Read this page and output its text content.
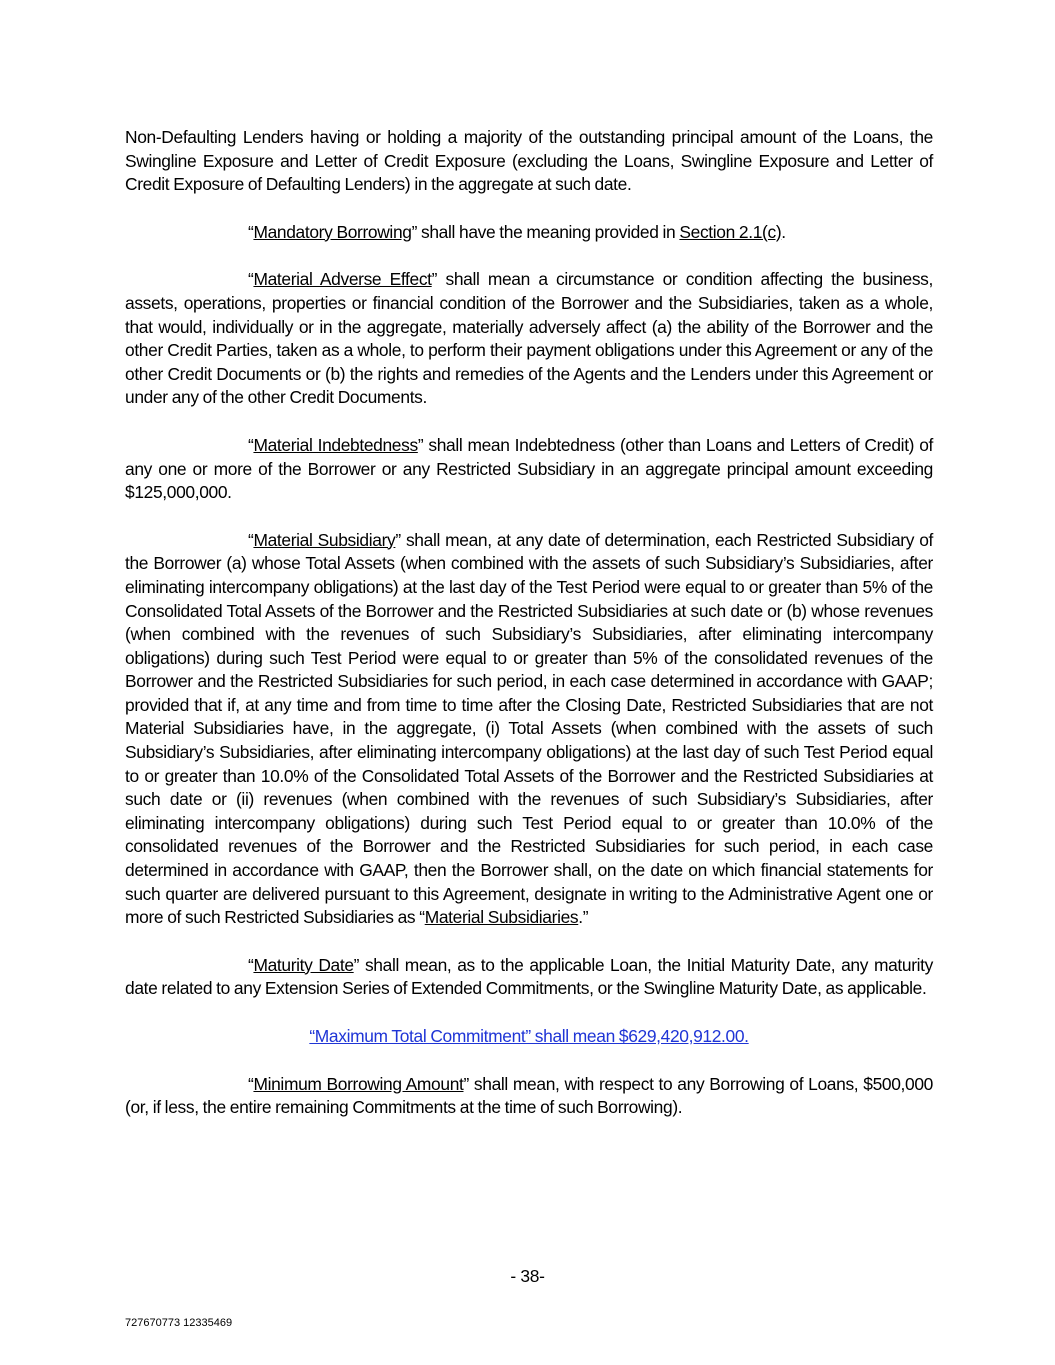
Non-Defaulting Lenders having or holding a majority of the outstanding principal amount of the Loans, the Swingline Exposure and Letter of Credit Exposure (excluding the Loans, Swingline Exposure and Letter of Credit Exposure of Defaulting Lenders) in the aggregate at such date.

“Mandatory Borrowing” shall have the meaning provided in Section 2.1(c).

“Material Adverse Effect” shall mean a circumstance or condition affecting the business, assets, operations, properties or financial condition of the Borrower and the Subsidiaries, taken as a whole, that would, individually or in the aggregate, materially adversely affect (a) the ability of the Borrower and the other Credit Parties, taken as a whole, to perform their payment obligations under this Agreement or any of the other Credit Documents or (b) the rights and remedies of the Agents and the Lenders under this Agreement or under any of the other Credit Documents.

“Material Indebtedness” shall mean Indebtedness (other than Loans and Letters of Credit) of any one or more of the Borrower or any Restricted Subsidiary in an aggregate principal amount exceeding $125,000,000.

“Material Subsidiary” shall mean, at any date of determination, each Restricted Subsidiary of the Borrower (a) whose Total Assets (when combined with the assets of such Subsidiary’s Subsidiaries, after eliminating intercompany obligations) at the last day of the Test Period were equal to or greater than 5% of the Consolidated Total Assets of the Borrower and the Restricted Subsidiaries at such date or (b) whose revenues (when combined with the revenues of such Subsidiary’s Subsidiaries, after eliminating intercompany obligations) during such Test Period were equal to or greater than 5% of the consolidated revenues of the Borrower and the Restricted Subsidiaries for such period, in each case determined in accordance with GAAP; provided that if, at any time and from time to time after the Closing Date, Restricted Subsidiaries that are not Material Subsidiaries have, in the aggregate, (i) Total Assets (when combined with the assets of such Subsidiary’s Subsidiaries, after eliminating intercompany obligations) at the last day of such Test Period equal to or greater than 10.0% of the Consolidated Total Assets of the Borrower and the Restricted Subsidiaries at such date or (ii) revenues (when combined with the revenues of such Subsidiary’s Subsidiaries, after eliminating intercompany obligations) during such Test Period equal to or greater than 10.0% of the consolidated revenues of the Borrower and the Restricted Subsidiaries for such period, in each case determined in accordance with GAAP, then the Borrower shall, on the date on which financial statements for such quarter are delivered pursuant to this Agreement, designate in writing to the Administrative Agent one or more of such Restricted Subsidiaries as “Material Subsidiaries.”

“Maturity Date” shall mean, as to the applicable Loan, the Initial Maturity Date, any maturity date related to any Extension Series of Extended Commitments, or the Swingline Maturity Date, as applicable.

“Maximum Total Commitment” shall mean $629,420,912.00.

“Minimum Borrowing Amount” shall mean, with respect to any Borrowing of Loans, $500,000 (or, if less, the entire remaining Commitments at the time of such Borrowing).

- 38-
727670773 12335469
